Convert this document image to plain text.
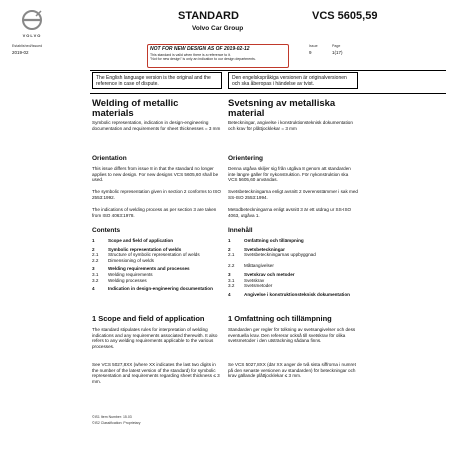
VOLVO
STANDARD
Volvo Car Group
VCS 5605,59
Established/Issued
2019-02
NOT FOR NEW DESIGN AS OF 2019-02-12
This standard is valid when there is a reference to it.
"Not for new design" is only an indication to our design departments.
Issue
9
Page
1(17)
The English language version is the original and the reference in case of dispute.
Den engelskspråkiga versionen är originalversionen och ska åberopas i händelse av tvist.
Welding of metallic materials
Symbolic representation, indication in design-engineering documentation and requirements for sheet thicknesses = 3 mm
Orientation
This issue differs from issue 8 in that the standard no longer applies to new design. For new designs VCS 5605,60 shall be used.
The symbolic representation given in section 2 conforms to ISO 2553:1992.
The indications of welding process as per section 3 are taken from ISO 4063:1978.
Contents
1	Scope and field of application
2	Symbolic representation of welds
2.1	Structure of symbolic representation of welds
2.2	Dimensioning of welds
3	Welding requirements and processes
3.1	Welding requirements
3.2	Welding processes
4	Indication in design-engineering documentation
1 Scope and field of application
The standard stipulates rules for interpretation of welding indications and any requirements associated therewith. It also refers to any welding requirements applicable to the various processes.
See VCS 5027,8XX (where XX indicates the last two digits in the number of the latest version of the standard) for symbolic representation and requirements regarding sheet thickness ≤ 3 mm.
Svetsning av metalliska material
Beteckningar, angivelse i konstruktionsteknisk dokumentation och krav för plåttjocklekar = 3 mm
Orientering
Denna utgåva skiljer sig från utgåva 8 genom att standarden inte längre gäller för nykonstruktion. För nykonstruktion ska VCS 5605,60 användas.
Svetsbeteckningarna enligt avsnitt 2 överensstämmer i sak med SS-ISO 2553:1994.
Metodbeteckningarna enligt avsnitt 3 är ett utdrag ur SS-ISO 4063, utgåva 1.
Innehåll
1	Omfattning och tillämpning
2	Svetsbeteckningar
2.1	Svetsbeteckningarnas uppbyggnad
2.2	Måttangivelser
3	Svetskrav och metoder
3.1	Svetskrav
3.2	Svetsmetoder
4	Angivelse i konstruktionsteknisk dokumentation
1 Omfattning och tillämpning
Standarden ger regler för tolkning av svetsangivelser och dess eventuella krav. Den refererar också till svetskrav för olika svetsmetoder i den utsträckning sådana finns.
Se VCS 5027,8XX (där XX anger de två sista siffrorna i numret på den senaste versionen av standarden) för beteckningar och krav gällande plåttjocklekar ≤ 3 mm.
©IS1 Item Number: 15.03
©IS2 Classification: Proprietary
